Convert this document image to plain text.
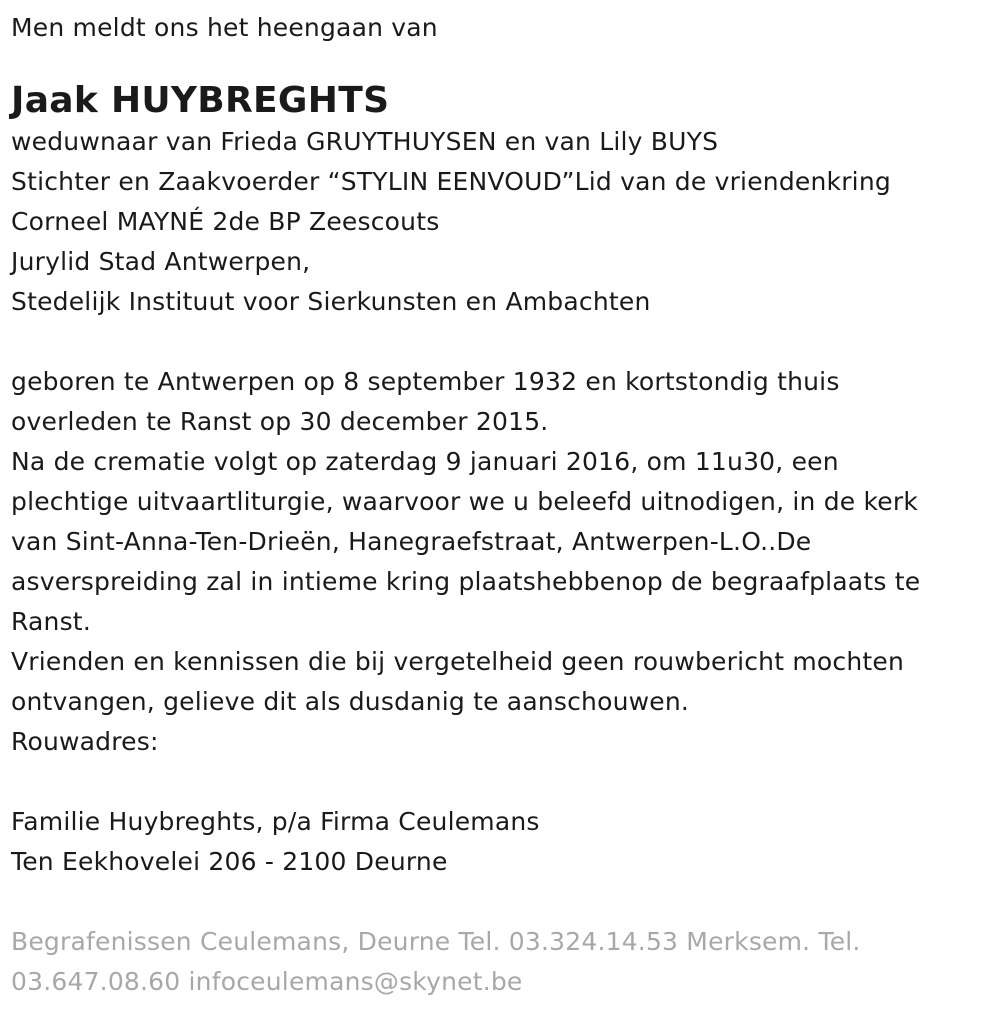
Men meldt ons het heengaan van
Jaak HUYBREGHTS
weduwnaar van Frieda GRUYTHUYSEN en van Lily BUYS
Stichter en Zaakvoerder “STYLIN EENVOUD”Lid van de vriendenkring
Corneel MAYNÉ 2de BP Zeescouts
Jurylid Stad Antwerpen,
Stedelijk Instituut voor Sierkunsten en Ambachten
geboren te Antwerpen op 8 september 1932 en kortstondig thuis
overleden te Ranst op 30 december 2015.
Na de crematie volgt op zaterdag 9 januari 2016, om 11u30, een
plechtige uitvaartliturgie, waarvoor we u beleefd uitnodigen, in de kerk
van Sint-Anna-Ten-Drieën, Hanegraefstraat, Antwerpen-L.O..De
asverspreiding zal in intieme kring plaatshebbenop de begraafplaats te
Ranst.
Vrienden en kennissen die bij vergetelheid geen rouwbericht mochten
ontvangen, gelieve dit als dusdanig te aanschouwen.
Rouwadres:
Familie Huybreghts, p/a Firma Ceulemans
Ten Eekhovelei 206 - 2100 Deurne
Begrafenissen Ceulemans, Deurne Tel. 03.324.14.53 Merksem. Tel.
03.647.08.60 infoceulemans@skynet.be
